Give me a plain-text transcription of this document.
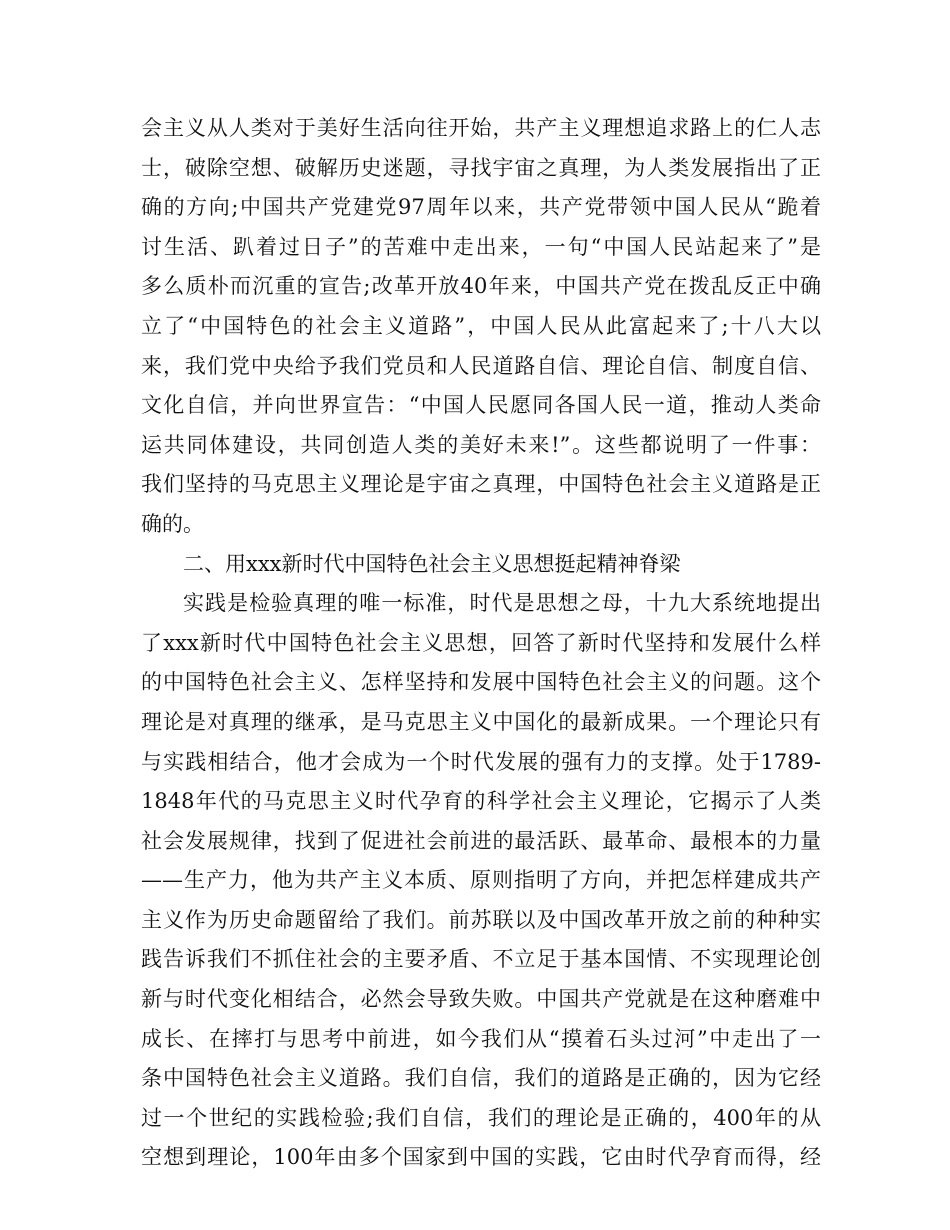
会主义从人类对于美好生活向往开始，共产主义理想追求路上的仁人志
士，破除空想、破解历史迷题，寻找宇宙之真理，为人类发展指出了正
确的方向;中国共产党建党97周年以来，共产党带领中国人民从“跪着
讨生活、趴着过日子”的苦难中走出来，一句“中国人民站起来了”是
多么质朴而沉重的宣告;改革开放40年来，中国共产党在拨乱反正中确
立了“中国特色的社会主义道路”，中国人民从此富起来了;十八大以
来，我们党中央给予我们党员和人民道路自信、理论自信、制度自信、
文化自信，并向世界宣告：“中国人民愿同各国人民一道，推动人类命
运共同体建设，共同创造人类的美好未来!”。这些都说明了一件事：
我们坚持的马克思主义理论是宇宙之真理，中国特色社会主义道路是正
确的。
二、用xxx新时代中国特色社会主义思想挺起精神脊梁
实践是检验真理的唯一标准，时代是思想之母，十九大系统地提出
了xxx新时代中国特色社会主义思想，回答了新时代坚持和发展什么样
的中国特色社会主义、怎样坚持和发展中国特色社会主义的问题。这个
理论是对真理的继承，是马克思主义中国化的最新成果。一个理论只有
与实践相结合，他才会成为一个时代发展的强有力的支撑。处于1789-
1848年代的马克思主义时代孕育的科学社会主义理论，它揭示了人类
社会发展规律，找到了促进社会前进的最活跃、最革命、最根本的力量
——生产力，他为共产主义本质、原则指明了方向，并把怎样建成共产
主义作为历史命题留给了我们。前苏联以及中国改革开放之前的种种实
践告诉我们不抓住社会的主要矛盾、不立足于基本国情、不实现理论创
新与时代变化相结合，必然会导致失败。中国共产党就是在这种磨难中
成长、在摔打与思考中前进，如今我们从“摸着石头过河”中走出了一
条中国特色社会主义道路。我们自信，我们的道路是正确的，因为它经
过一个世纪的实践检验;我们自信，我们的理论是正确的，400年的从
空想到理论，100年由多个国家到中国的实践，它由时代孕育而得，经
